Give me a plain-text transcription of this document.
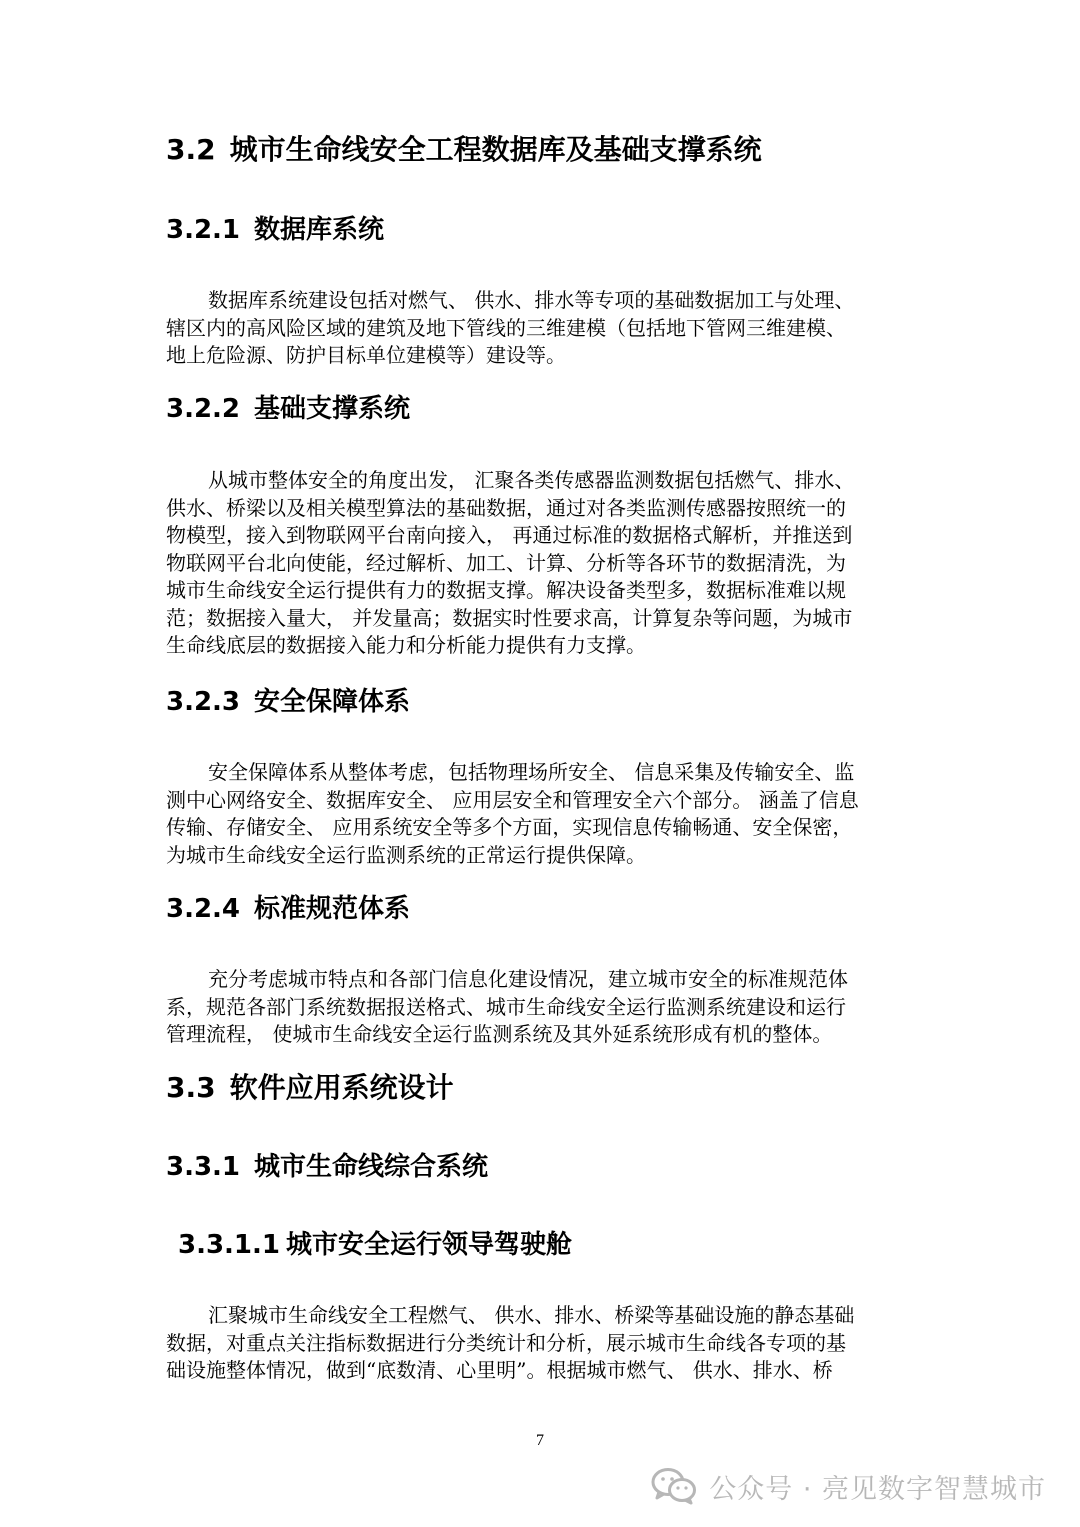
3.2 城市生命线安全工程数据库及基础支撑系统
3.2.1 数据库系统
数据库系统建设包括对燃气、 供水、排水等专项的基础数据加工与处理、
辖区内的高风险区域的建筑及地下管线的三维建模（包括地下管网三维建模、
地上危险源、防护目标单位建模等）建设等。
3.2.2 基础支撑系统
从城市整体安全的角度出发， 汇聚各类传感器监测数据包括燃气、排水、
供水、桥梁以及相关模型算法的基础数据，通过对各类监测传感器按照统一的
物模型，接入到物联网平台南向接入， 再通过标准的数据格式解析，并推送到
物联网平台北向使能，经过解析、加工、计算、分析等各环节的数据清洗，为
城市生命线安全运行提供有力的数据支撑。解决设备类型多，数据标准难以规
范；数据接入量大， 并发量高；数据实时性要求高，计算复杂等问题，为城市
生命线底层的数据接入能力和分析能力提供有力支撑。
3.2.3 安全保障体系
安全保障体系从整体考虑，包括物理场所安全、 信息采集及传输安全、监
测中心网络安全、数据库安全、 应用层安全和管理安全六个部分。 涵盖了信息
传输、存储安全、 应用系统安全等多个方面，实现信息传输畅通、安全保密，
为城市生命线安全运行监测系统的正常运行提供保障。
3.2.4 标准规范体系
充分考虑城市特点和各部门信息化建设情况，建立城市安全的标准规范体
系，规范各部门系统数据报送格式、城市生命线安全运行监测系统建设和运行
管理流程， 使城市生命线安全运行监测系统及其外延系统形成有机的整体。
3.3 软件应用系统设计
3.3.1 城市生命线综合系统
3.3.1.1 城市安全运行领导驾驶舱
汇聚城市生命线安全工程燃气、 供水、排水、桥梁等基础设施的静态基础
数据，对重点关注指标数据进行分类统计和分析，展示城市生命线各专项的基
础设施整体情况，做到“底数清、心里明”。根据城市燃气、 供水、排水、桥
7
公众号 · 亮见数字智慧城市
